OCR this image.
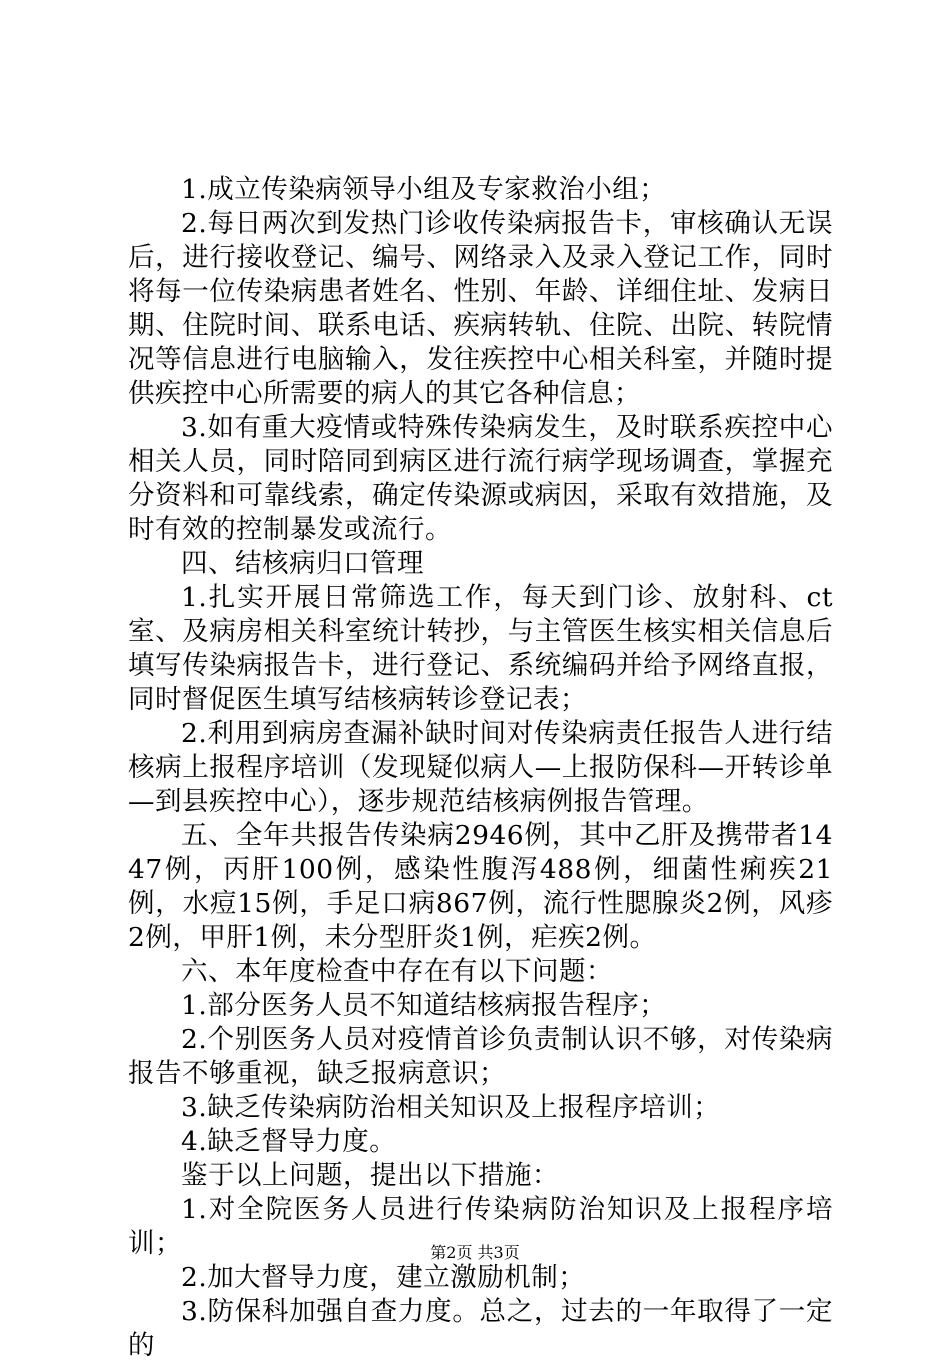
1.成立传染病领导小组及专家救治小组；

2.每日两次到发热门诊收传染病报告卡，审核确认无误后，进行接收登记、编号、网络录入及录入登记工作，同时将每一位传染病患者姓名、性别、年龄、详细住址、发病日期、住院时间、联系电话、疾病转轨、住院、出院、转院情况等信息进行电脑输入，发往疾控中心相关科室，并随时提供疾控中心所需要的病人的其它各种信息；

3.如有重大疫情或特殊传染病发生，及时联系疾控中心相关人员，同时陪同到病区进行流行病学现场调查，掌握充分资料和可靠线索，确定传染源或病因，采取有效措施，及时有效的控制暴发或流行。

四、结核病归口管理

1.扎实开展日常筛选工作，每天到门诊、放射科、ct室、及病房相关科室统计转抄，与主管医生核实相关信息后填写传染病报告卡，进行登记、系统编码并给予网络直报，同时督促医生填写结核病转诊登记表；

2.利用到病房查漏补缺时间对传染病责任报告人进行结核病上报程序培训（发现疑似病人—上报防保科—开转诊单—到县疾控中心），逐步规范结核病例报告管理。

五、全年共报告传染病2946例，其中乙肝及携带者1447例，丙肝100例，感染性腹泻488例，细菌性痢疾21例，水痘15例，手足口病867例，流行性腮腺炎2例，风疹2例，甲肝1例，未分型肝炎1例，疟疾2例。

六、本年度检查中存在有以下问题：

1.部分医务人员不知道结核病报告程序；

2.个别医务人员对疫情首诊负责制认识不够，对传染病报告不够重视，缺乏报病意识；

3.缺乏传染病防治相关知识及上报程序培训；

4.缺乏督导力度。

鉴于以上问题，提出以下措施：

1.对全院医务人员进行传染病防治知识及上报程序培训；

2.加大督导力度，建立激励机制；

3.防保科加强自查力度。总之，过去的一年取得了一定的

第2页 共3页
